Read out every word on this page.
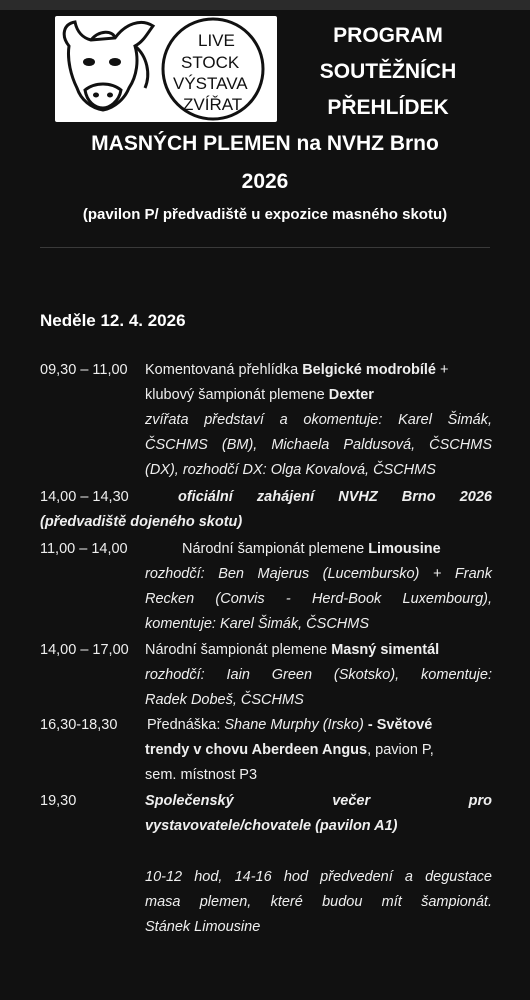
LIVE
STOCK
VÝSTAVA
ZVÍŘAT
PROGRAM
SOUTĚŽNÍCH
PŘEHLÍDEK
MASNÝCH PLEMEN na NVHZ Brno
2026
(pavilon P/ předvadiště u expozice masného skotu)
Neděle 12. 4. 2026
09,30 – 11,00 Komentovaná přehlídka Belgické modrobílé +
klubový šampionát plemene Dexter
zvířata představí a okomentuje: Karel Šimák,
ČSCHMS (BM), Michaela Paldusová, ČSCHMS
(DX), rozhodčí DX: Olga Kovalová, ČSCHMS
14,00 – 14,30	oficiální zahájení NVHZ Brno 2026
(předvadiště dojeného skotu)
11,00 – 14,00	Národní šampionát plemene Limousine
rozhodčí: Ben Majerus (Lucembursko) + Frank
Recken (Convis - Herd-Book Luxembourg),
komentuje: Karel Šimák, ČSCHMS
14,00 – 17,00 Národní šampionát plemene Masný simentál
rozhodčí: Iain Green (Skotsko), komentuje:
Radek Dobeš, ČSCHMS
16,30-18,30 Přednáška: Shane Murphy (Irsko) - Světové
trendy v chovu Aberdeen Angus, pavion P,
sem. místnost P3
19,30	Společenský večer pro
vystavovatele/chovatele (pavilon A1)
10-12 hod, 14-16 hod předvedení a degustace
masa plemen, které budou mít šampionát.
Stánek Limousine
